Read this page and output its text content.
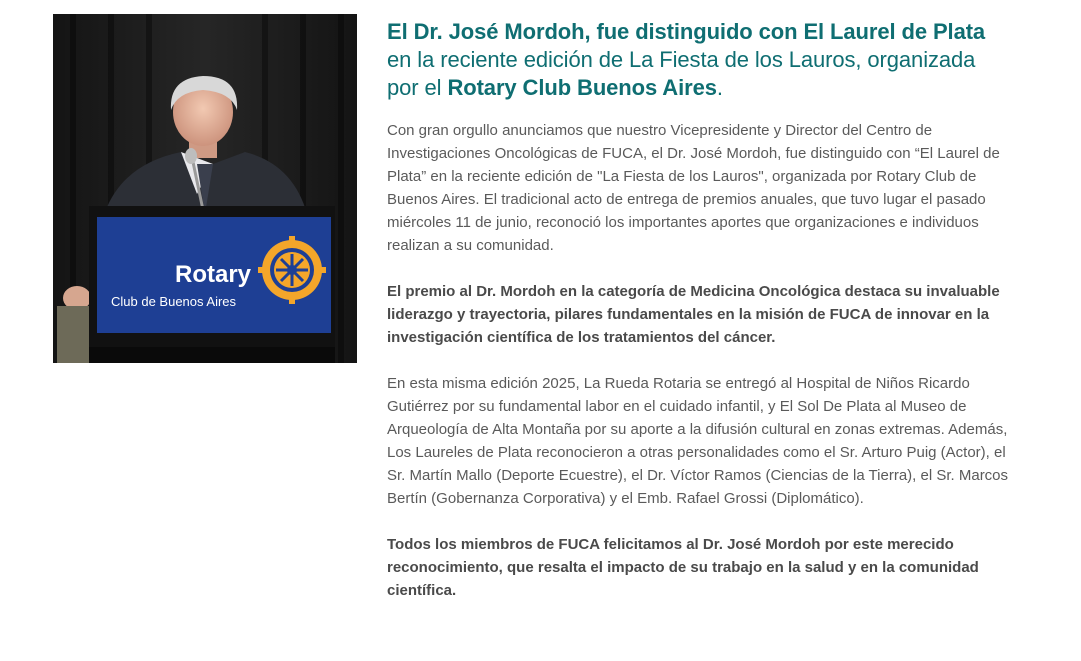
Rotary
Club de Buenos Aires
El Dr. José Mordoh, fue distinguido con El Laurel de Plata en la reciente edición de La Fiesta de los Lauros, organizada por el Rotary Club Buenos Aires.

Con gran orgullo anunciamos que nuestro Vicepresidente y Director del Centro de Investigaciones Oncológicas de FUCA, el Dr. José Mordoh, fue distinguido con “El Laurel de Plata” en la reciente edición de "La Fiesta de los Lauros", organizada por Rotary Club de Buenos Aires. El tradicional acto de entrega de premios anuales, que tuvo lugar el pasado miércoles 11 de junio, reconoció los importantes aportes que organizaciones e individuos realizan a su comunidad.

El premio al Dr. Mordoh en la categoría de Medicina Oncológica destaca su invaluable liderazgo y trayectoria, pilares fundamentales en la misión de FUCA de innovar en la investigación científica de los tratamientos del cáncer.

En esta misma edición 2025, La Rueda Rotaria se entregó al Hospital de Niños Ricardo Gutiérrez por su fundamental labor en el cuidado infantil, y El Sol De Plata al Museo de Arqueología de Alta Montaña por su aporte a la difusión cultural en zonas extremas. Además, Los Laureles de Plata reconocieron a otras personalidades como el Sr. Arturo Puig (Actor), el Sr. Martín Mallo (Deporte Ecuestre), el Dr. Víctor Ramos (Ciencias de la Tierra), el Sr. Marcos Bertín (Gobernanza Corporativa) y el Emb. Rafael Grossi (Diplomático).

Todos los miembros de FUCA felicitamos al Dr. José Mordoh por este merecido reconocimiento, que resalta el impacto de su trabajo en la salud y en la comunidad científica.
